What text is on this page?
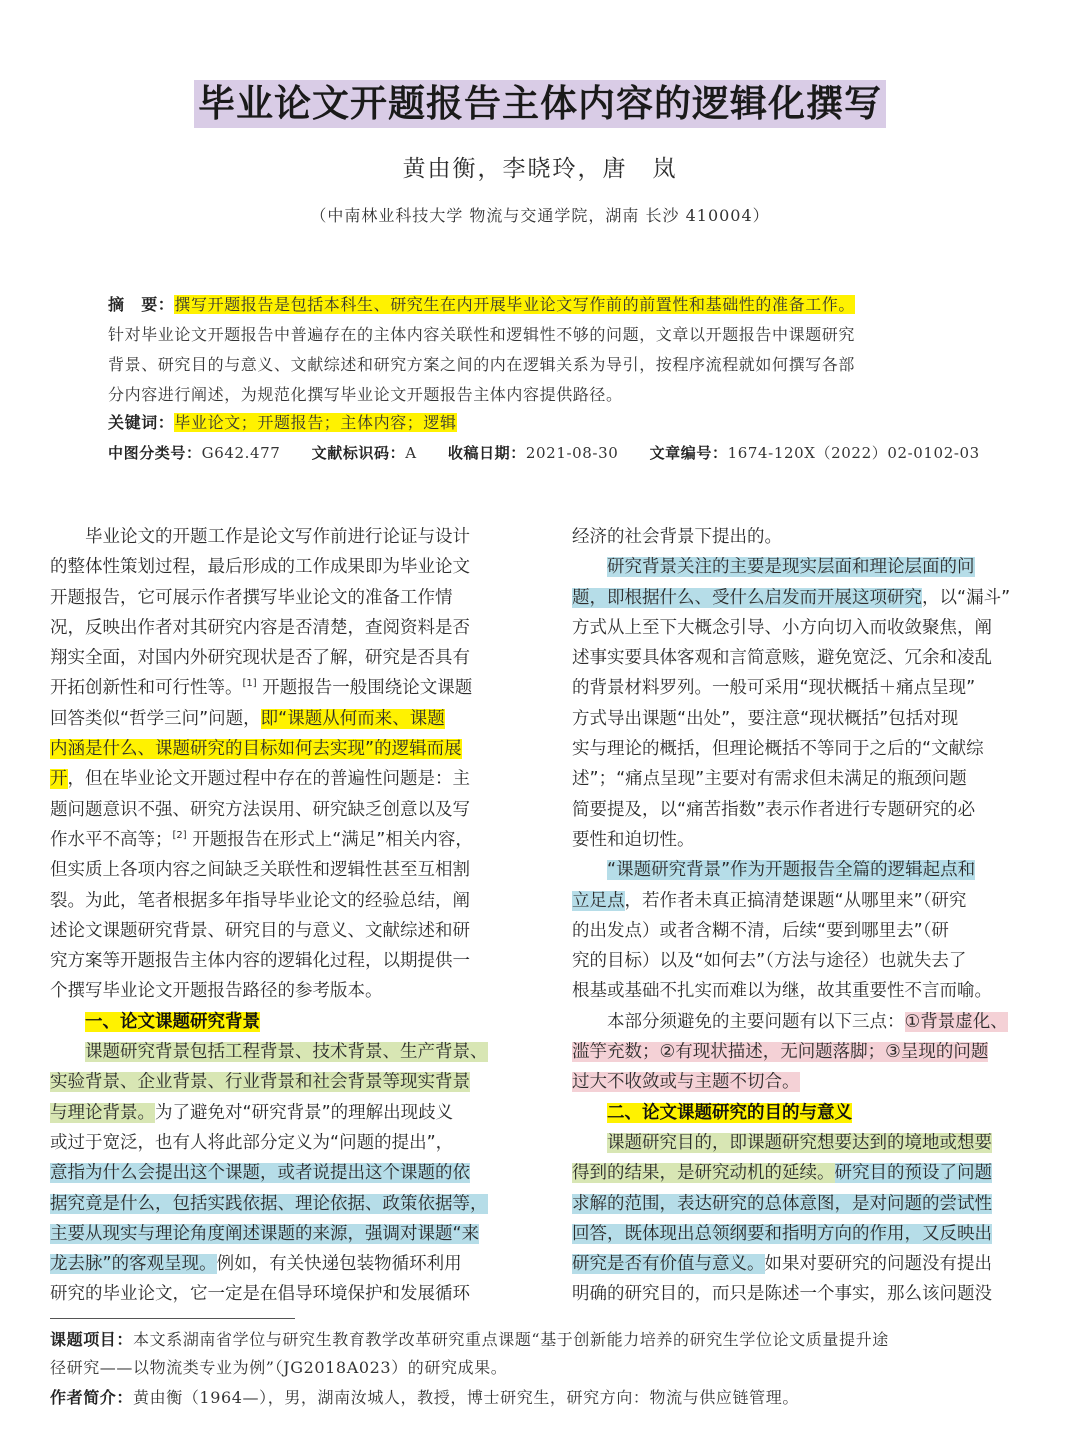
毕业论文开题报告主体内容的逻辑化撰写
黄由衡，李晓玲，唐　岚
（中南林业科技大学 物流与交通学院，湖南 长沙 410004）
摘　要：撰写开题报告是包括本科生、研究生在内开展毕业论文写作前的前置性和基础性的准备工作。
针对毕业论文开题报告中普遍存在的主体内容关联性和逻辑性不够的问题，文章以开题报告中课题研究
背景、研究目的与意义、文献综述和研究方案之间的内在逻辑关系为导引，按程序流程就如何撰写各部
分内容进行阐述，为规范化撰写毕业论文开题报告主体内容提供路径。
关键词：毕业论文；开题报告；主体内容；逻辑
中图分类号：G642.477　　 文献标识码：A　　 收稿日期：2021-08-30　　 文章编号：1674-120X（2022）02-0102-03

毕业论文的开题工作是论文写作前进行论证与设计
的整体性策划过程，最后形成的工作成果即为毕业论文
开题报告，它可展示作者撰写毕业论文的准备工作情
况，反映出作者对其研究内容是否清楚，查阅资料是否
翔实全面，对国内外研究现状是否了解，研究是否具有
开拓创新性和可行性等。[1] 开题报告一般围绕论文课题
回答类似“哲学三问”问题，即“课题从何而来、课题
内涵是什么、课题研究的目标如何去实现”的逻辑而展
开，但在毕业论文开题过程中存在的普遍性问题是：主
题问题意识不强、研究方法误用、研究缺乏创意以及写
作水平不高等；[2] 开题报告在形式上“满足”相关内容，
但实质上各项内容之间缺乏关联性和逻辑性甚至互相割
裂。为此，笔者根据多年指导毕业论文的经验总结，阐
述论文课题研究背景、研究目的与意义、文献综述和研
究方案等开题报告主体内容的逻辑化过程，以期提供一
个撰写毕业论文开题报告路径的参考版本。

一、论文课题研究背景

课题研究背景包括工程背景、技术背景、生产背景、
实验背景、企业背景、行业背景和社会背景等现实背景
与理论背景。为了避免对“研究背景”的理解出现歧义
或过于宽泛，也有人将此部分定义为“问题的提出”，
意指为什么会提出这个课题，或者说提出这个课题的依
据究竟是什么，包括实践依据、理论依据、政策依据等，
主要从现实与理论角度阐述课题的来源，强调对课题“来
龙去脉”的客观呈现。例如，有关快递包装物循环利用
研究的毕业论文，它一定是在倡导环境保护和发展循环

经济的社会背景下提出的。

研究背景关注的主要是现实层面和理论层面的问
题，即根据什么、受什么启发而开展这项研究，以“漏斗”
方式从上至下大概念引导、小方向切入而收敛聚焦，阐
述事实要具体客观和言简意赅，避免宽泛、冗余和凌乱
的背景材料罗列。一般可采用“现状概括＋痛点呈现”
方式导出课题“出处”，要注意“现状概括”包括对现
实与理论的概括，但理论概括不等同于之后的“文献综
述”；“痛点呈现”主要对有需求但未满足的瓶颈问题
简要提及，以“痛苦指数”表示作者进行专题研究的必
要性和迫切性。

“课题研究背景”作为开题报告全篇的逻辑起点和
立足点，若作者未真正搞清楚课题“从哪里来”（研究
的出发点）或者含糊不清，后续“要到哪里去”（研
究的目标）以及“如何去”（方法与途径）也就失去了
根基或基础不扎实而难以为继，故其重要性不言而喻。

本部分须避免的主要问题有以下三点：①背景虚化、
滥竽充数；②有现状描述，无问题落脚；③呈现的问题
过大不收敛或与主题不切合。

二、论文课题研究的目的与意义

课题研究目的，即课题研究想要达到的境地或想要
得到的结果，是研究动机的延续。研究目的预设了问题
求解的范围，表达研究的总体意图，是对问题的尝试性
回答，既体现出总领纲要和指明方向的作用，又反映出
研究是否有价值与意义。如果对要研究的问题没有提出
明确的研究目的，而只是陈述一个事实，那么该问题没

课题项目：本文系湖南省学位与研究生教育教学改革研究重点课题“基于创新能力培养的研究生学位论文质量提升途
径研究——以物流类专业为例”（JG2018A023）的研究成果。
作者简介：黄由衡（1964—），男，湖南汝城人，教授，博士研究生，研究方向：物流与供应链管理。
